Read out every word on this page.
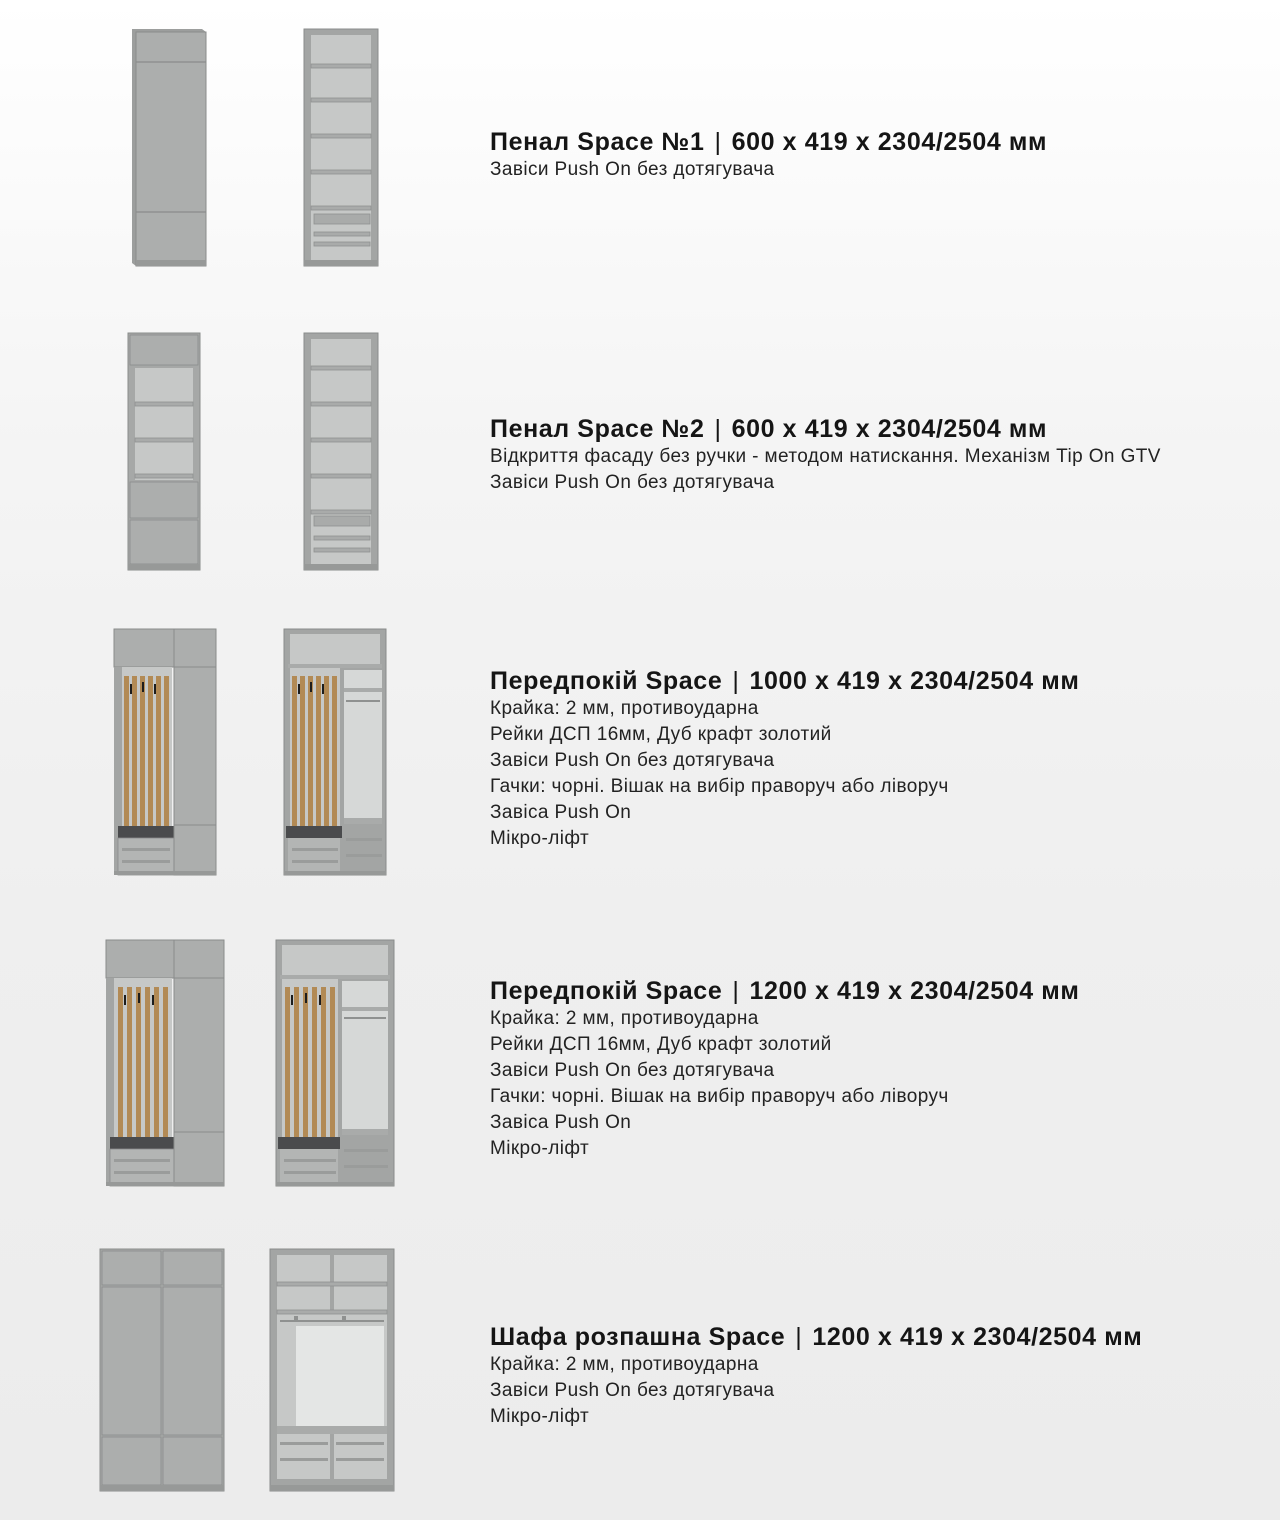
Пенал Space №1 | 600 x 419 x 2304/2504 мм
Завіси Push On без дотягувача
Пенал Space №2 | 600 x 419 x 2304/2504 мм
Відкриття фасаду без ручки - методом натискання. Механізм Tip On GTV
Завіси Push On без дотягувача
Передпокій Space | 1000 x 419 x 2304/2504 мм
Крайка: 2 мм, противоударна
Рейки ДСП 16мм, Дуб крафт золотий
Завіси Push On без дотягувача
Гачки: чорні. Вішак на вибір праворуч або ліворуч
Завіса Push On
Мікро-ліфт
Передпокій Space | 1200 x 419 x 2304/2504 мм
Крайка: 2 мм, противоударна
Рейки ДСП 16мм, Дуб крафт золотий
Завіси Push On без дотягувача
Гачки: чорні. Вішак на вибір праворуч або ліворуч
Завіса Push On
Мікро-ліфт
Шафа розпашна Space | 1200 x 419 x 2304/2504 мм
Крайка: 2 мм, противоударна
Завіси Push On без дотягувача
Мікро-ліфт
